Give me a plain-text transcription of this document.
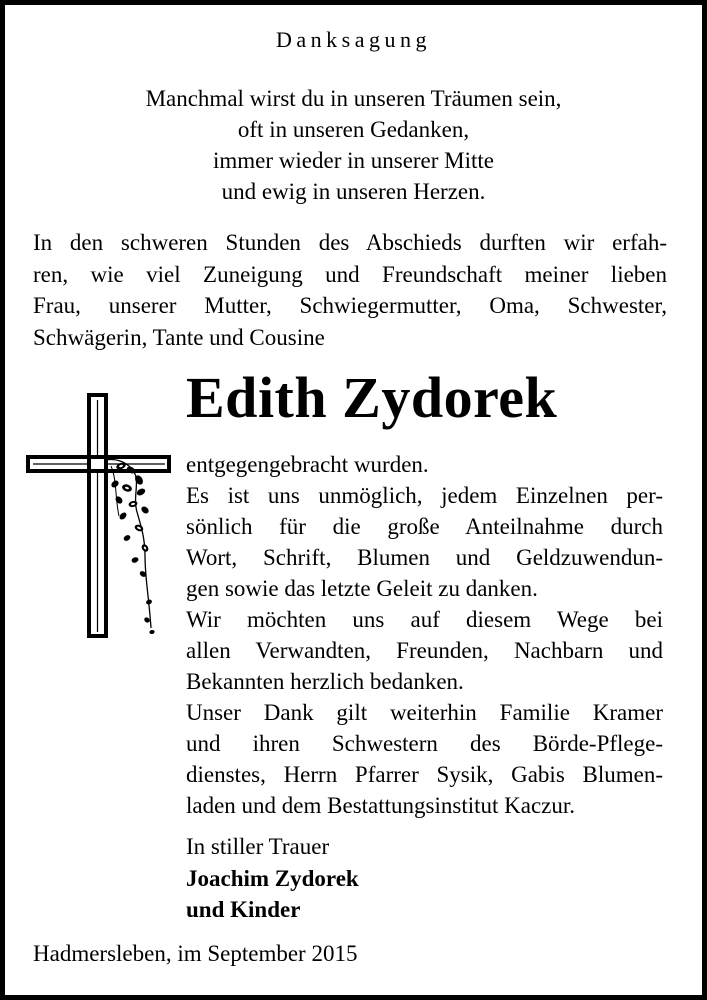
Danksagung
Manchmal wirst du in unseren Träumen sein,
oft in unseren Gedanken,
immer wieder in unserer Mitte
und ewig in unseren Herzen.
In den schweren Stunden des Abschieds durften wir erfah-
ren, wie viel Zuneigung und Freundschaft meiner lieben
Frau, unserer Mutter, Schwiegermutter, Oma, Schwester,
Schwägerin, Tante und Cousine
Edith Zydorek
entgegengebracht wurden.
Es ist uns unmöglich, jedem Einzelnen per-
sönlich für die große Anteilnahme durch
Wort, Schrift, Blumen und Geldzuwendun-
gen sowie das letzte Geleit zu danken.
Wir möchten uns auf diesem Wege bei
allen Verwandten, Freunden, Nachbarn und
Bekannten herzlich bedanken.
Unser Dank gilt weiterhin Familie Kramer
und ihren Schwestern des Börde-Pflege-
dienstes, Herrn Pfarrer Sysik, Gabis Blumen-
laden und dem Bestattungsinstitut Kaczur.
In stiller Trauer
Joachim Zydorek
und Kinder
Hadmersleben, im September 2015
